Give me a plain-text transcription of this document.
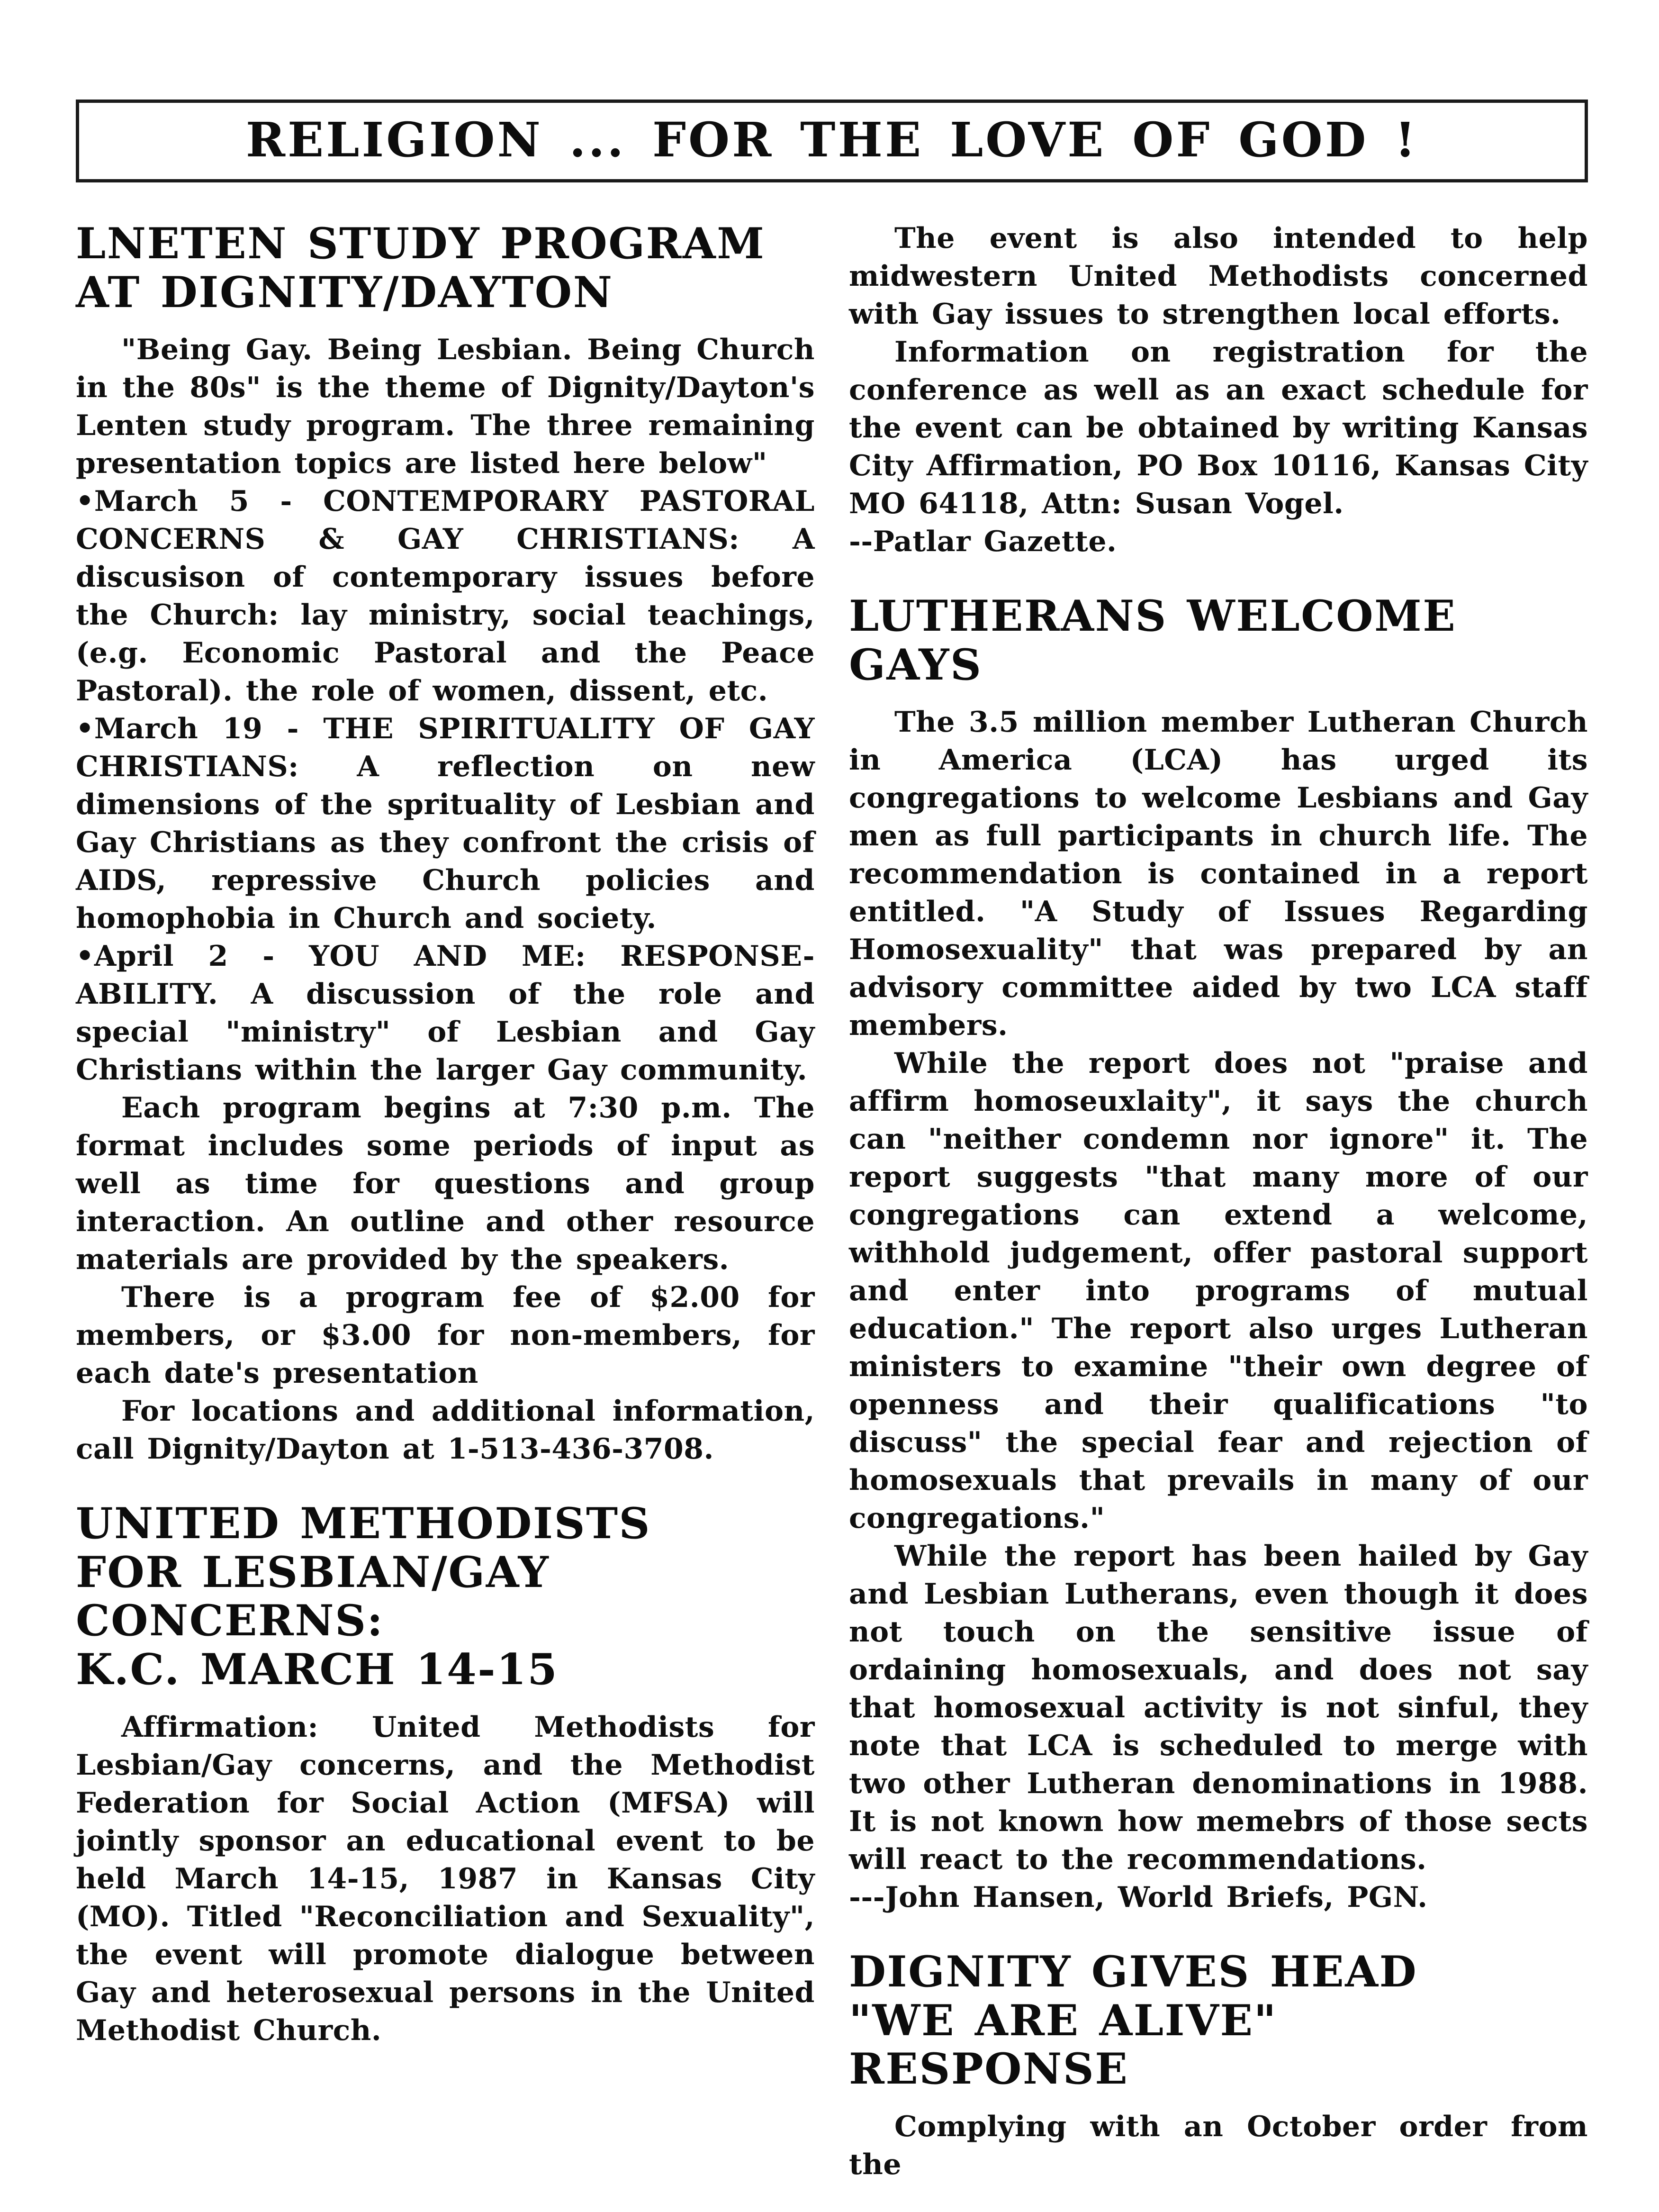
RELIGION ... FOR THE LOVE OF GOD !
LNETEN STUDY PROGRAM
AT DIGNITY/DAYTON

"Being Gay. Being Lesbian. Being Church in the 80s" is the theme of Dignity/Dayton's Lenten study program. The three remaining presentation topics are listed here below"

•March 5 - CONTEMPORARY PASTORAL CONCERNS & GAY CHRISTIANS: A discusison of contemporary issues before the Church: lay ministry, social teachings, (e.g. Economic Pastoral and the Peace Pastoral). the role of women, dissent, etc.

•March 19 - THE SPIRITUALITY OF GAY CHRISTIANS: A reflection on new dimensions of the sprituality of Lesbian and Gay Christians as they confront the crisis of AIDS, repressive Church policies and homophobia in Church and society.

•April 2 - YOU AND ME: RESPONSE-ABILITY. A discussion of the role and special "ministry" of Lesbian and Gay Christians within the larger Gay community.

Each program begins at 7:30 p.m. The format includes some periods of input as well as time for questions and group interaction. An outline and other resource materials are provided by the speakers.

There is a program fee of $2.00 for members, or $3.00 for non-members, for each date's presentation

For locations and additional information, call Dignity/Dayton at 1-513-436-3708.

UNITED METHODISTS
FOR LESBIAN/GAY CONCERNS:
K.C. MARCH 14-15

Affirmation: United Methodists for Lesbian/Gay concerns, and the Methodist Federation for Social Action (MFSA) will jointly sponsor an educational event to be held March 14-15, 1987 in Kansas City (MO). Titled "Reconciliation and Sexuality", the event will promote dialogue between Gay and heterosexual persons in the United Methodist Church.

The event is also intended to help midwestern United Methodists concerned with Gay issues to strengthen local efforts.

Information on registration for the conference as well as an exact schedule for the event can be obtained by writing Kansas City Affirmation, PO Box 10116, Kansas City MO 64118, Attn: Susan Vogel.

--Patlar Gazette.

LUTHERANS WELCOME GAYS

The 3.5 million member Lutheran Church in America (LCA) has urged its congregations to welcome Lesbians and Gay men as full participants in church life. The recommendation is contained in a report entitled. "A Study of Issues Regarding Homosexuality" that was prepared by an advisory committee aided by two LCA staff members.

While the report does not "praise and affirm homoseuxlaity", it says the church can "neither condemn nor ignore" it. The report suggests "that many more of our congregations can extend a welcome, withhold judgement, offer pastoral support and enter into programs of mutual education." The report also urges Lutheran ministers to examine "their own degree of openness and their qualifications "to discuss" the special fear and rejection of homosexuals that prevails in many of our congregations."

While the report has been hailed by Gay and Lesbian Lutherans, even though it does not touch on the sensitive issue of ordaining homosexuals, and does not say that homosexual activity is not sinful, they note that LCA is scheduled to merge with two other Lutheran denominations in 1988. It is not known how memebrs of those sects will react to the recommendations.

---John Hansen, World Briefs, PGN.

DIGNITY GIVES HEAD
"WE ARE ALIVE"  RESPONSE

Complying with an October order from the
